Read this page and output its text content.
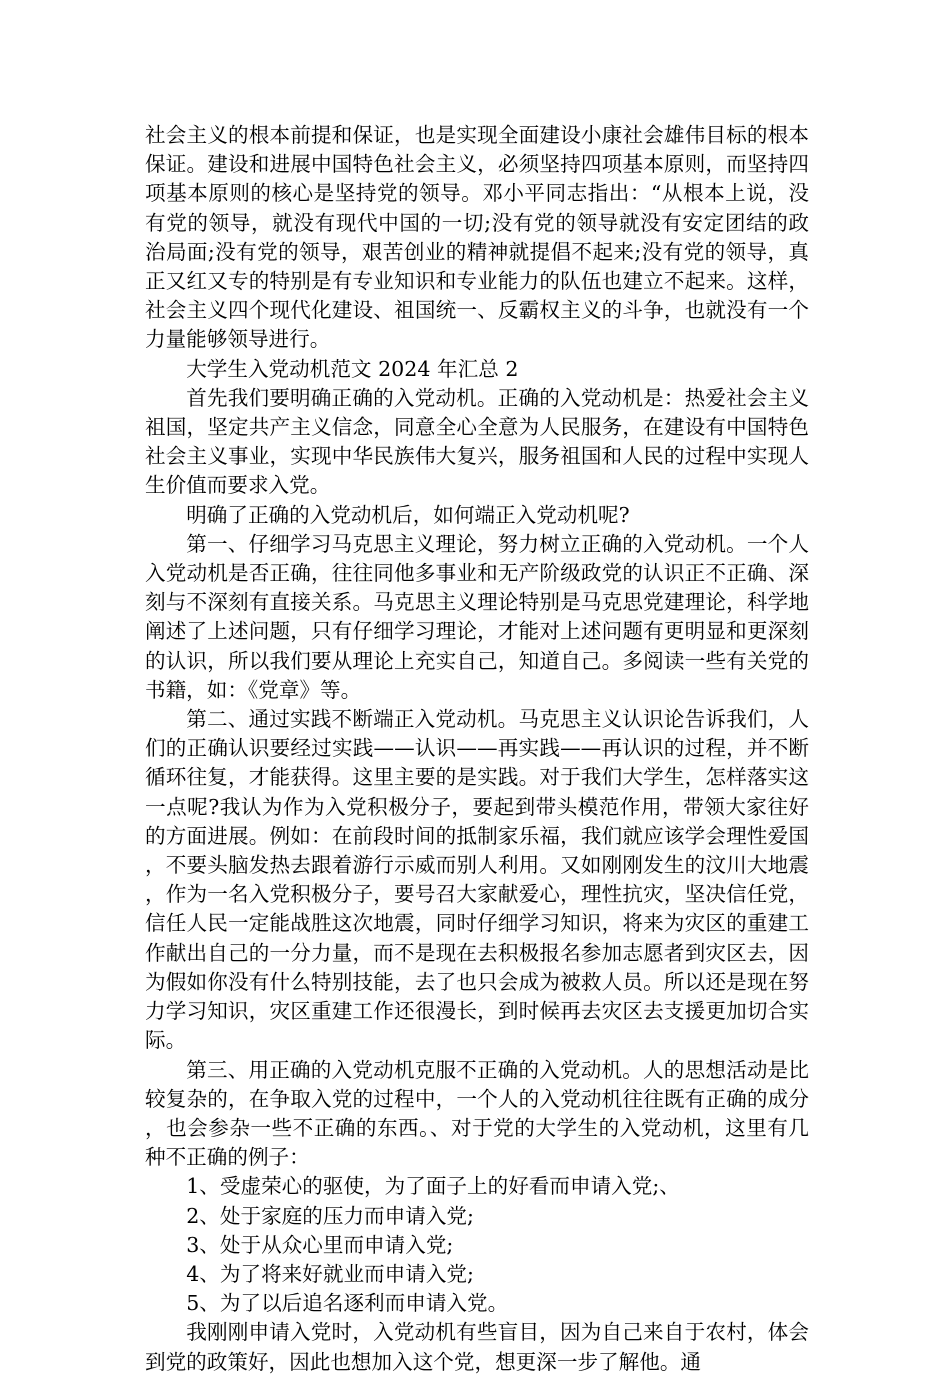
社会主义的根本前提和保证，也是实现全面建设小康社会雄伟目标的根本保证。建设和进展中国特色社会主义，必须坚持四项基本原则，而坚持四项基本原则的核心是坚持党的领导。邓小平同志指出：“从根本上说，没有党的领导，就没有现代中国的一切;没有党的领导就没有安定团结的政治局面;没有党的领导，艰苦创业的精神就提倡不起来;没有党的领导，真正又红又专的特别是有专业知识和专业能力的队伍也建立不起来。这样，社会主义四个现代化建设、祖国统一、反霸权主义的斗争，也就没有一个力量能够领导进行。

大学生入党动机范文 2024 年汇总 2

首先我们要明确正确的入党动机。正确的入党动机是：热爱社会主义祖国，坚定共产主义信念，同意全心全意为人民服务，在建设有中国特色社会主义事业，实现中华民族伟大复兴，服务祖国和人民的过程中实现人生价值而要求入党。

明确了正确的入党动机后，如何端正入党动机呢?

第一、仔细学习马克思主义理论，努力树立正确的入党动机。一个人入党动机是否正确，往往同他多事业和无产阶级政党的认识正不正确、深刻与不深刻有直接关系。马克思主义理论特别是马克思党建理论，科学地阐述了上述问题，只有仔细学习理论，才能对上述问题有更明显和更深刻的认识，所以我们要从理论上充实自己，知道自己。多阅读一些有关党的书籍，如：《党章》等。

第二、通过实践不断端正入党动机。马克思主义认识论告诉我们，人们的正确认识要经过实践——认识——再实践——再认识的过程，并不断循环往复，才能获得。这里主要的是实践。对于我们大学生，怎样落实这一点呢?我认为作为入党积极分子，要起到带头模范作用，带领大家往好的方面进展。例如：在前段时间的抵制家乐福，我们就应该学会理性爱国，不要头脑发热去跟着游行示威而别人利用。又如刚刚发生的汶川大地震，作为一名入党积极分子，要号召大家献爱心，理性抗灾，坚决信任党，信任人民一定能战胜这次地震，同时仔细学习知识，将来为灾区的重建工作献出自己的一分力量，而不是现在去积极报名参加志愿者到灾区去，因为假如你没有什么特别技能，去了也只会成为被救人员。所以还是现在努力学习知识，灾区重建工作还很漫长，到时候再去灾区去支援更加切合实际。

第三、用正确的入党动机克服不正确的入党动机。人的思想活动是比较复杂的，在争取入党的过程中，一个人的入党动机往往既有正确的成分，也会参杂一些不正确的东西。、对于党的大学生的入党动机，这里有几种不正确的例子：

1、受虚荣心的驱使，为了面子上的好看而申请入党;、

2、处于家庭的压力而申请入党;

3、处于从众心里而申请入党;

4、为了将来好就业而申请入党;

5、为了以后追名逐利而申请入党。

我刚刚申请入党时，入党动机有些盲目，因为自己来自于农村，体会到党的政策好，因此也想加入这个党，想更深一步了解他。通
